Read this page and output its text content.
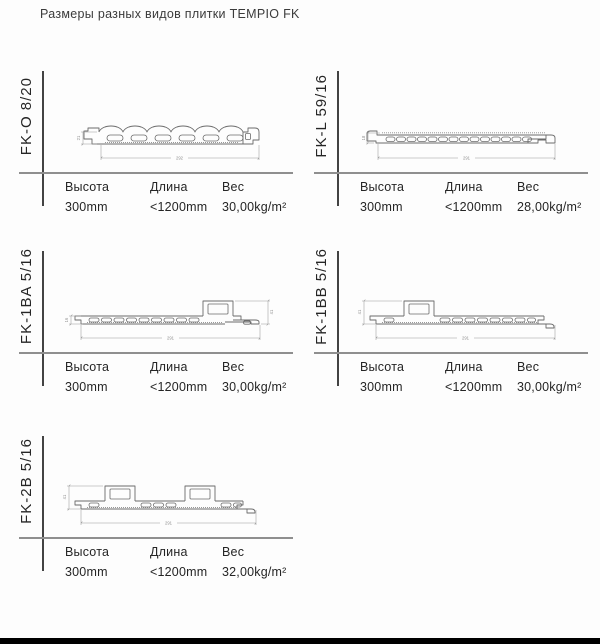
Размеры разных видов плитки TEMPIO FK
FK-O 8/20	21
292
Высота	Длина	Вес
300mm	<1200mm 30,00kg/m²
FK-L 59/16	18
291
Высота	Длина	Вес
300mm	<1200mm 28,00kg/m²
FK-1BA 5/16	16
41
291
Высота	Длина	Вес
300mm	<1200mm 30,00kg/m²
FK-1BB 5/16	41
291
Высота	Длина	Вес
300mm	<1200mm 30,00kg/m²
FK-2B 5/16	41
291
Высота	Длина	Вес
300mm	<1200mm 32,00kg/m²
